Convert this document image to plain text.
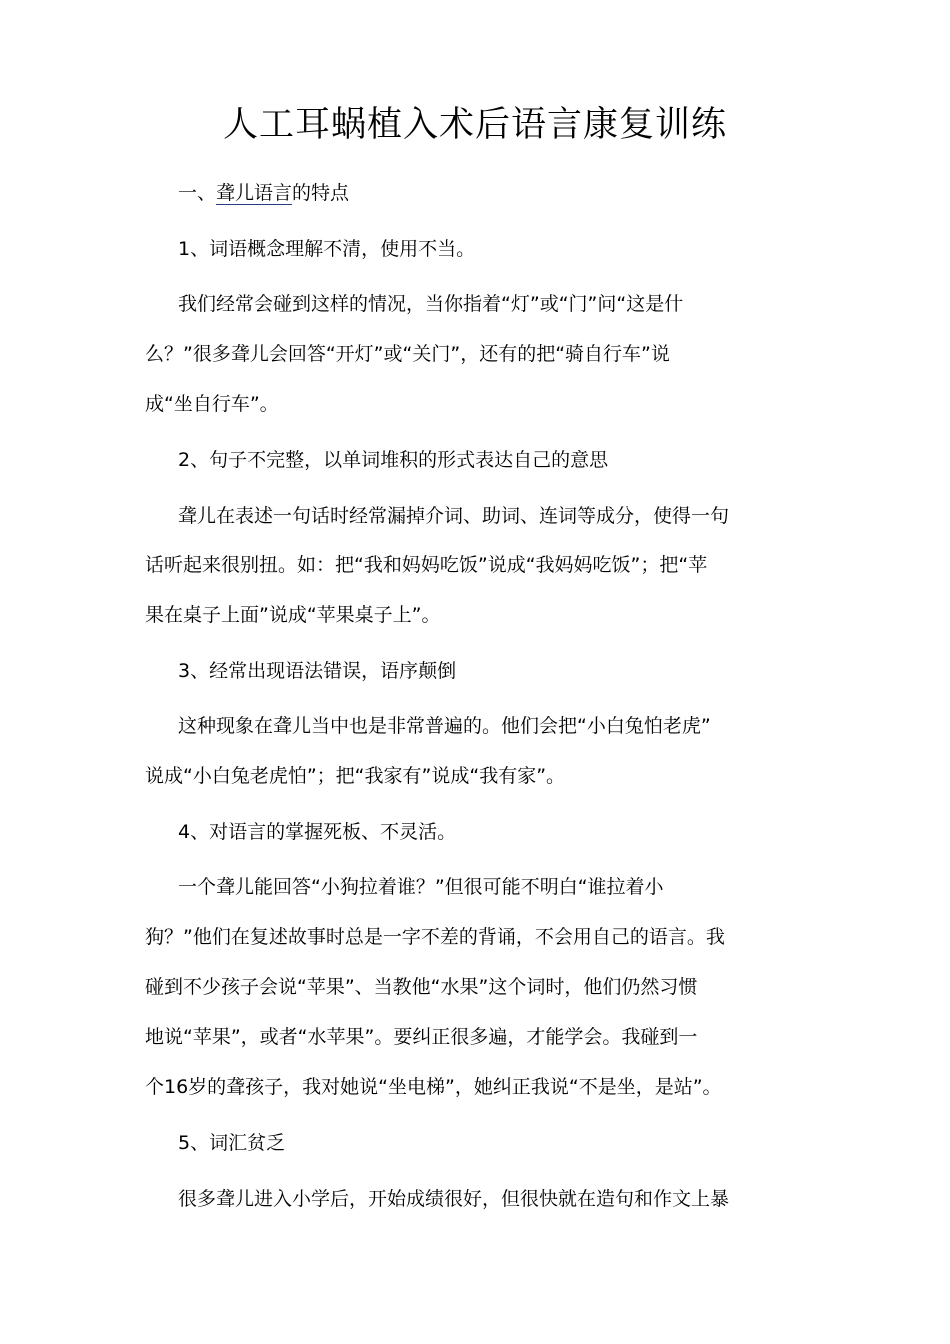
人工耳蜗植入术后语言康复训练
一、聋儿语言的特点
1、词语概念理解不清，使用不当。
我们经常会碰到这样的情况，当你指着“灯”或“门”问“这是什
么？”很多聋儿会回答“开灯”或“关门”，还有的把“骑自行车”说
成“坐自行车”。
2、句子不完整，以单词堆积的形式表达自己的意思
聋儿在表述一句话时经常漏掉介词、助词、连词等成分，使得一句
话听起来很别扭。如：把“我和妈妈吃饭”说成“我妈妈吃饭”；把“苹
果在桌子上面”说成“苹果桌子上”。
3、经常出现语法错误，语序颠倒
这种现象在聋儿当中也是非常普遍的。他们会把“小白兔怕老虎”
说成“小白兔老虎怕”；把“我家有”说成“我有家”。
4、对语言的掌握死板、不灵活。
一个聋儿能回答“小狗拉着谁？”但很可能不明白“谁拉着小
狗？”他们在复述故事时总是一字不差的背诵，不会用自己的语言。我
碰到不少孩子会说“苹果”、当教他“水果”这个词时，他们仍然习惯
地说“苹果”，或者“水苹果”。要纠正很多遍，才能学会。我碰到一
个16岁的聋孩子，我对她说“坐电梯”，她纠正我说“不是坐，是站”。
5、词汇贫乏
很多聋儿进入小学后，开始成绩很好，但很快就在造句和作文上暴
